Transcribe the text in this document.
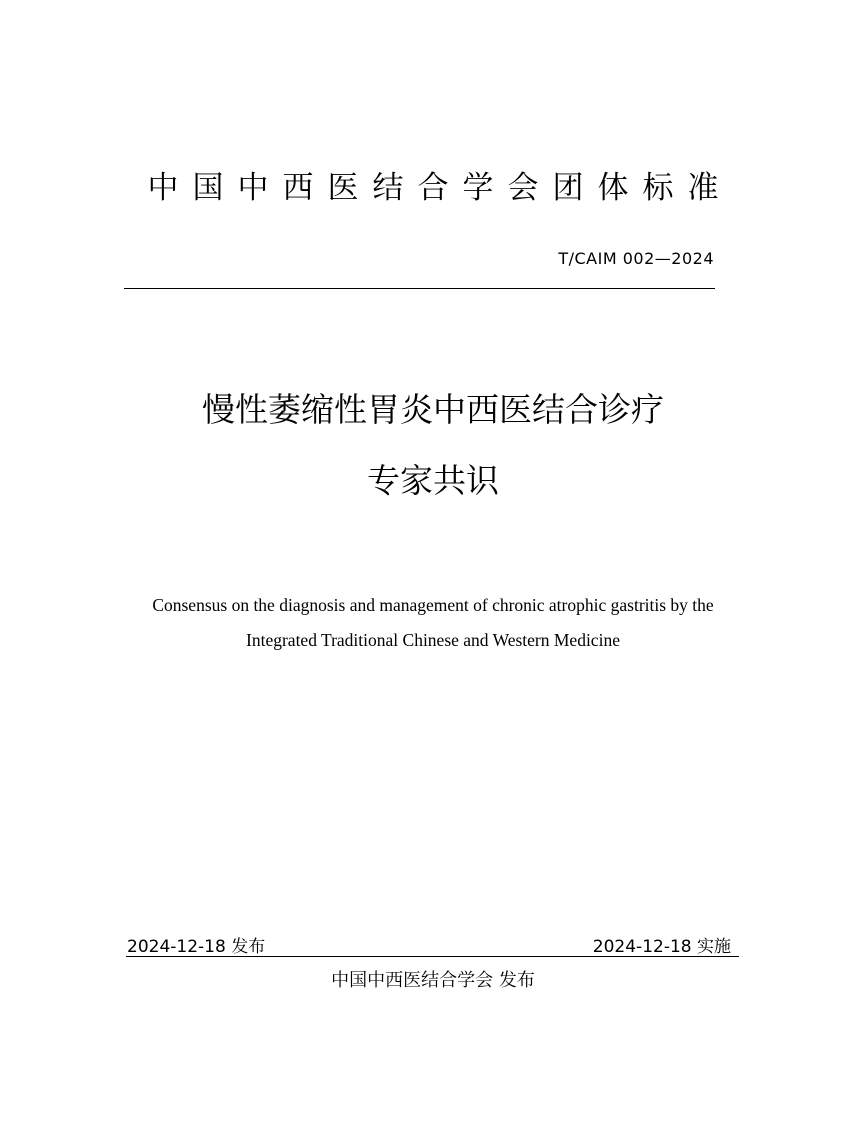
中国中西医结合学会团体标准
T/CAIM 002—2024
慢性萎缩性胃炎中西医结合诊疗
专家共识
Consensus on the diagnosis and management of chronic atrophic gastritis by the
Integrated Traditional Chinese and Western Medicine
2024-12-18 发布	2024-12-18 实施
中国中西医结合学会 发布
